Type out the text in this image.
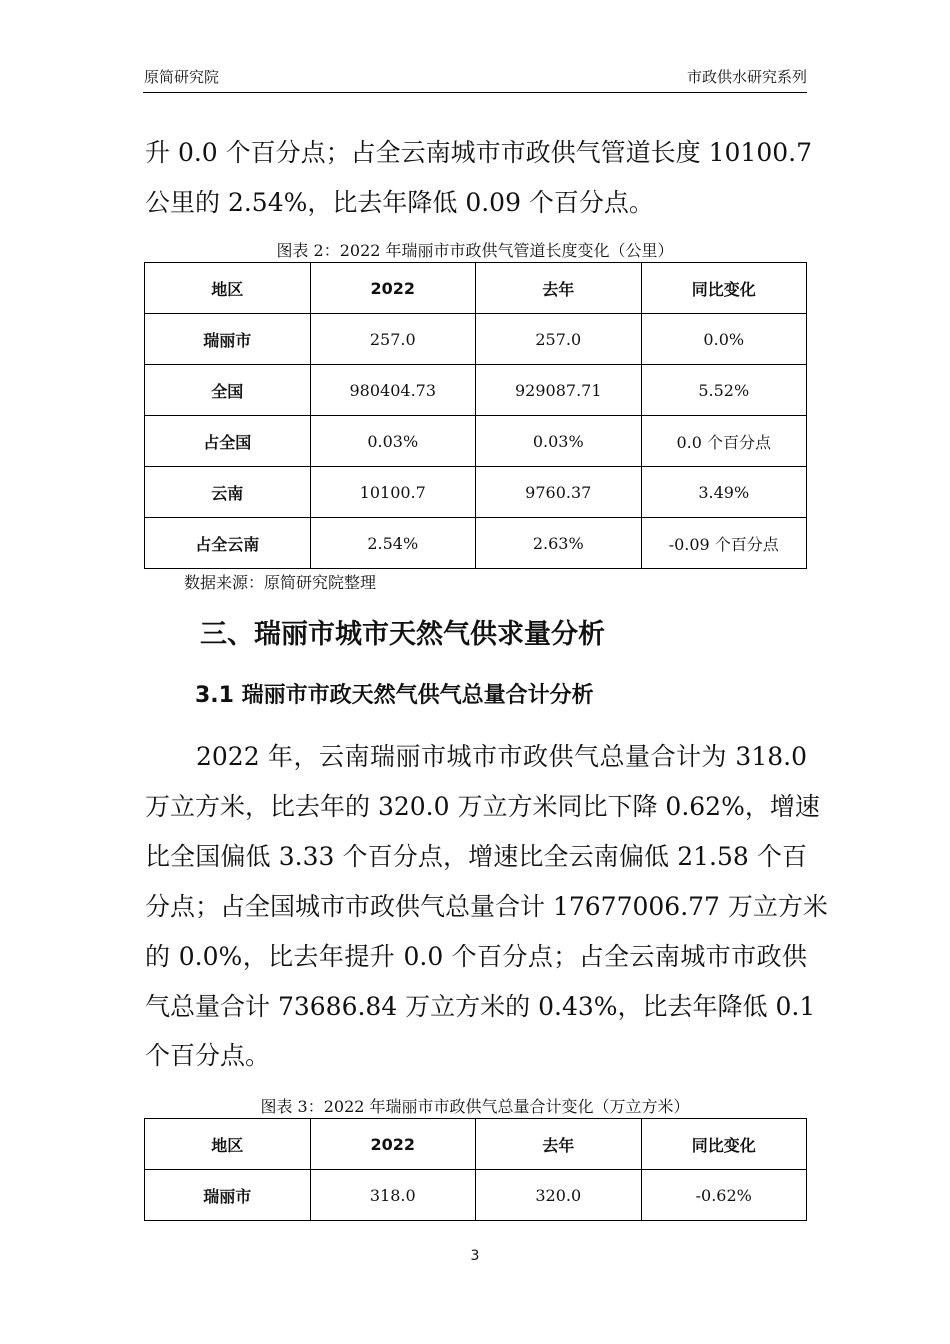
原简研究院	市政供水研究系列
升 0.0 个百分点；占全云南城市市政供气管道长度 10100.7
公里的 2.54%，比去年降低 0.09 个百分点。
图表 2：2022 年瑞丽市市政供气管道长度变化（公里）
地区	2022	去年	同比变化
瑞丽市	257.0	257.0	0.0%
全国	980404.73	929087.71	5.52%
占全国	0.03%	0.03%	0.0 个百分点
云南	10100.7	9760.37	3.49%
占全云南	2.54%	2.63%	-0.09 个百分点
数据来源：原简研究院整理
三、瑞丽市城市天然气供求量分析
3.1 瑞丽市市政天然气供气总量合计分析
　　2022 年，云南瑞丽市城市市政供气总量合计为 318.0
万立方米，比去年的 320.0 万立方米同比下降 0.62%，增速
比全国偏低 3.33 个百分点，增速比全云南偏低 21.58 个百
分点；占全国城市市政供气总量合计 17677006.77 万立方米
的 0.0%，比去年提升 0.0 个百分点；占全云南城市市政供
气总量合计 73686.84 万立方米的 0.43%，比去年降低 0.1
个百分点。
图表 3：2022 年瑞丽市市政供气总量合计变化（万立方米）
地区	2022	去年	同比变化
瑞丽市	318.0	320.0	-0.62%
3
